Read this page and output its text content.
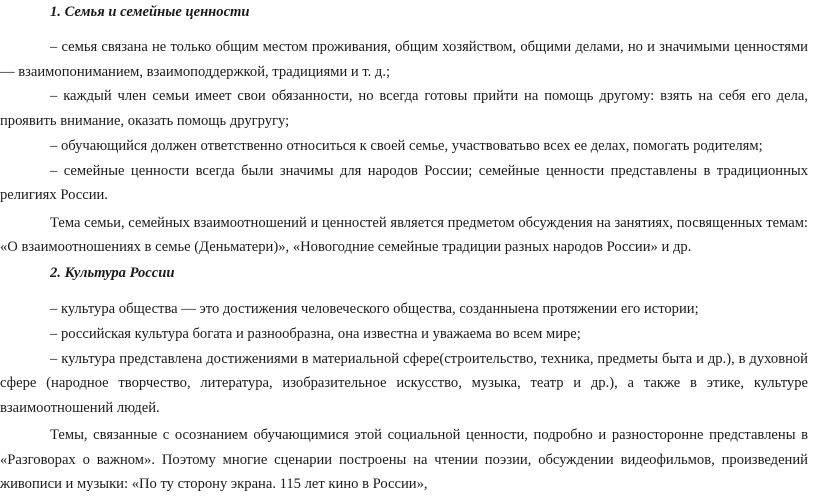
1. Семья и семейные ценности
– семья связана не только общим местом проживания, общим хозяйством, общими делами, но и значимыми ценностями
— взаимопониманием, взаимоподдержкой, традициями и т. д.;
– каждый член семьи имеет свои обязанности, но всегда готовы прийти на помощь другому: взять на себя его дела,
проявить внимание, оказать помощь другругу;
– обучающийся должен ответственно относиться к своей семье, участвоватьво всех ее делах, помогать родителям;
– семейные ценности всегда были значимы для народов России; семейные ценности представлены в традиционных
религиях России.
Тема семьи, семейных взаимоотношений и ценностей является предметом обсуждения на занятиях, посвященных темам:
«О взаимоотношениях в семье (Деньматери)», «Новогодние семейные традиции разных народов России» и др.
2. Культура России
– культура общества — это достижения человеческого общества, созданныена протяжении его истории;
– российская культура богата и разнообразна, она известна и уважаема во всем мире;
– культура представлена достижениями в материальной сфере(строительство, техника, предметы быта и др.), в духовной
сфере (народное творчество, литература, изобразительное искусство, музыка, театр и др.), а также в этике, культуре
взаимоотношений людей.
Темы, связанные с осознанием обучающимися этой социальной ценности, подробно и разносторонне представлены в
«Разговорах о важном». Поэтому многие сценарии построены на чтении поэзии, обсуждении видеофильмов, произведений
живописи и музыки: «По ту сторону экрана. 115 лет кино в России»,
